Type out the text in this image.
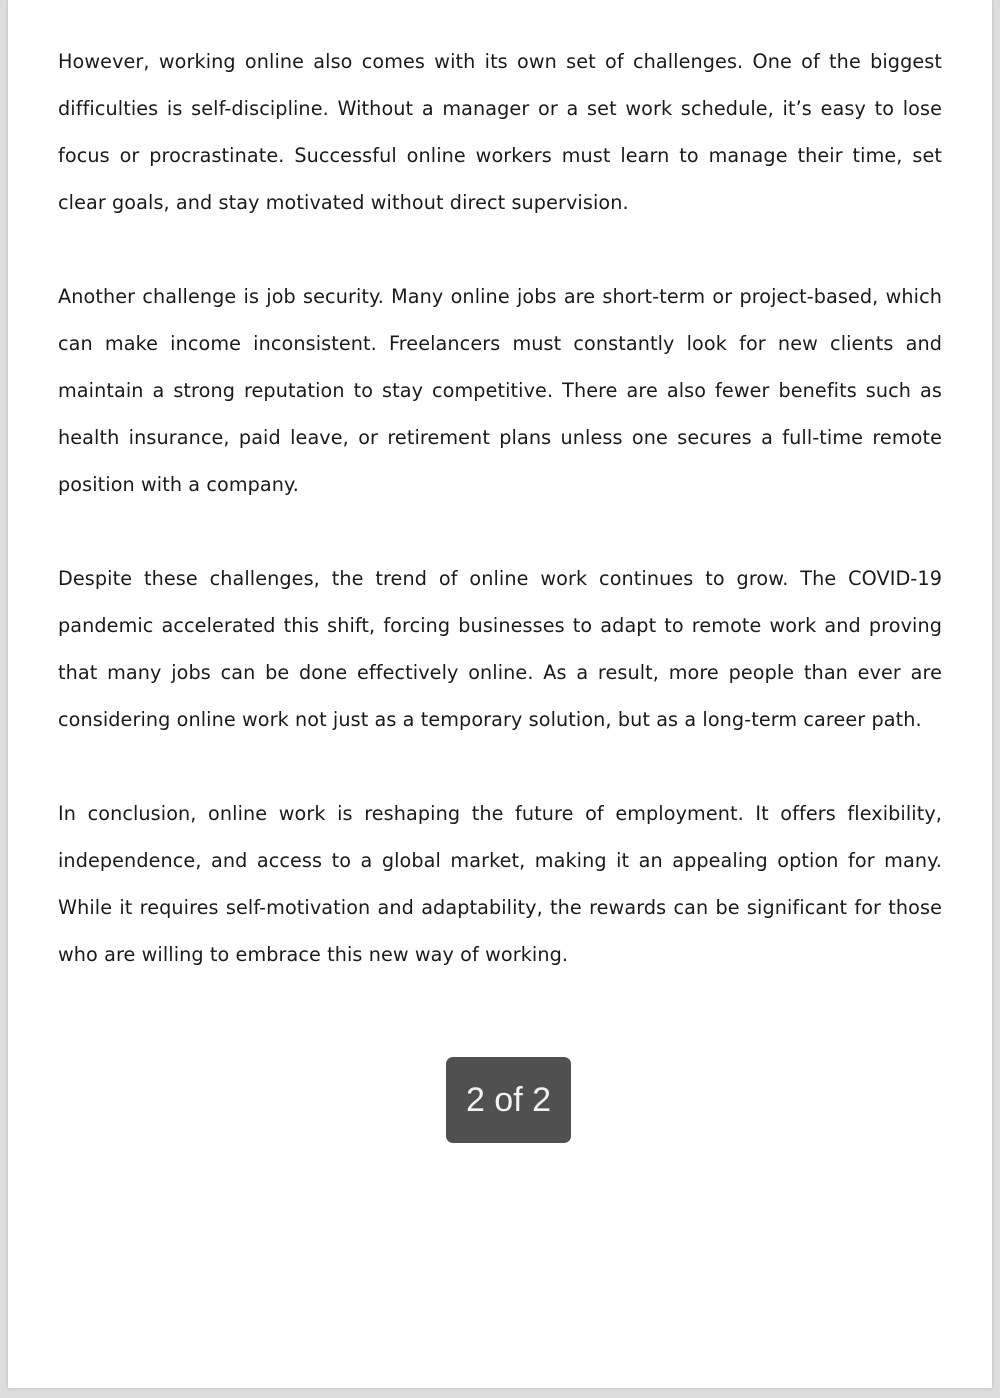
However, working online also comes with its own set of challenges. One of the biggest difficulties is self-discipline. Without a manager or a set work schedule, it’s easy to lose focus or procrastinate. Successful online workers must learn to manage their time, set clear goals, and stay motivated without direct supervision.

Another challenge is job security. Many online jobs are short-term or project-based, which can make income inconsistent. Freelancers must constantly look for new clients and maintain a strong reputation to stay competitive. There are also fewer benefits such as health insurance, paid leave, or retirement plans unless one secures a full-time remote position with a company.

Despite these challenges, the trend of online work continues to grow. The COVID-19 pandemic accelerated this shift, forcing businesses to adapt to remote work and proving that many jobs can be done effectively online. As a result, more people than ever are considering online work not just as a temporary solution, but as a long-term career path.

In conclusion, online work is reshaping the future of employment. It offers flexibility, independence, and access to a global market, making it an appealing option for many. While it requires self-motivation and adaptability, the rewards can be significant for those who are willing to embrace this new way of working.

2 of 2
